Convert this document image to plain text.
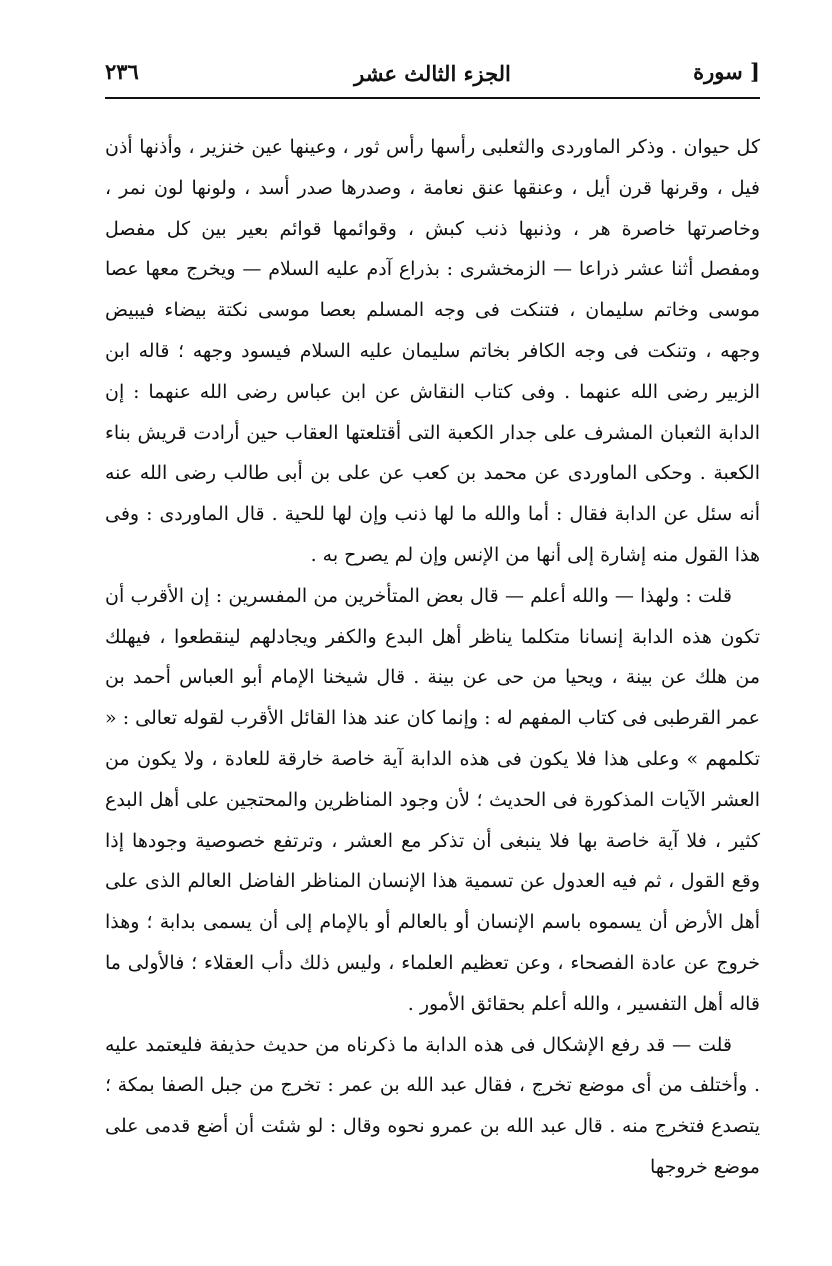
٢٣٦	الجزء الثالث عشر	[ سورة

كل حيوان . وذكر الماوردى والثعلبى رأسها رأس ثور ، وعينها عين خنزير ، وأذنها أذن فيل ، وقرنها قرن أيل ، وعنقها عنق نعامة ، وصدرها صدر أسد ، ولونها لون نمر ، وخاصرتها خاصرة هر ، وذنبها ذنب كبش ، وقوائمها قوائم بعير بين كل مفصل ومفصل أثنا عشر ذراعا — الزمخشرى : بذراع آدم عليه السلام — ويخرج معها عصا موسى وخاتم سليمان ، فتنكت فى وجه المسلم بعصا موسى نكتة بيضاء فيبيض وجهه ، وتنكت فى وجه الكافر بخاتم سليمان عليه السلام فيسود وجهه ؛ قاله ابن الزبير رضى الله عنهما . وفى كتاب النقاش عن ابن عباس رضى الله عنهما : إن الدابة الثعبان المشرف على جدار الكعبة التى أقتلعتها العقاب حين أرادت قريش بناء الكعبة . وحكى الماوردى عن محمد بن كعب عن على بن أبى طالب رضى الله عنه أنه سئل عن الدابة فقال : أما والله ما لها ذنب وإن لها للحية . قال الماوردى : وفى هذا القول منه إشارة إلى أنها من الإنس وإن لم يصرح به .

قلت : ولهذا — والله أعلم — قال بعض المتأخرين من المفسرين : إن الأقرب أن تكون هذه الدابة إنسانا متكلما يناظر أهل البدع والكفر ويجادلهم لينقطعوا ، فيهلك من هلك عن بينة ، ويحيا من حى عن بينة . قال شيخنا الإمام أبو العباس أحمد بن عمر القرطبى فى كتاب المفهم له : وإنما كان عند هذا القائل الأقرب لقوله تعالى : « تكلمهم » وعلى هذا فلا يكون فى هذه الدابة آية خاصة خارقة للعادة ، ولا يكون من العشر الآيات المذكورة فى الحديث ؛ لأن وجود المناظرين والمحتجين على أهل البدع كثير ، فلا آية خاصة بها فلا ينبغى أن تذكر مع العشر ، وترتفع خصوصية وجودها إذا وقع القول ، ثم فيه العدول عن تسمية هذا الإنسان المناظر الفاضل العالم الذى على أهل الأرض أن يسموه باسم الإنسان أو بالعالم أو بالإمام إلى أن يسمى بدابة ؛ وهذا خروج عن عادة الفصحاء ، وعن تعظيم العلماء ، وليس ذلك دأب العقلاء ؛ فالأولى ما قاله أهل التفسير ، والله أعلم بحقائق الأمور .

قلت — قد رفع الإشكال فى هذه الدابة ما ذكرناه من حديث حذيفة فليعتمد عليه . وأختلف من أى موضع تخرج ، فقال عبد الله بن عمر : تخرج من جبل الصفا بمكة ؛ يتصدع فتخرج منه . قال عبد الله بن عمرو نحوه وقال : لو شئت أن أضع قدمى على موضع خروجها
